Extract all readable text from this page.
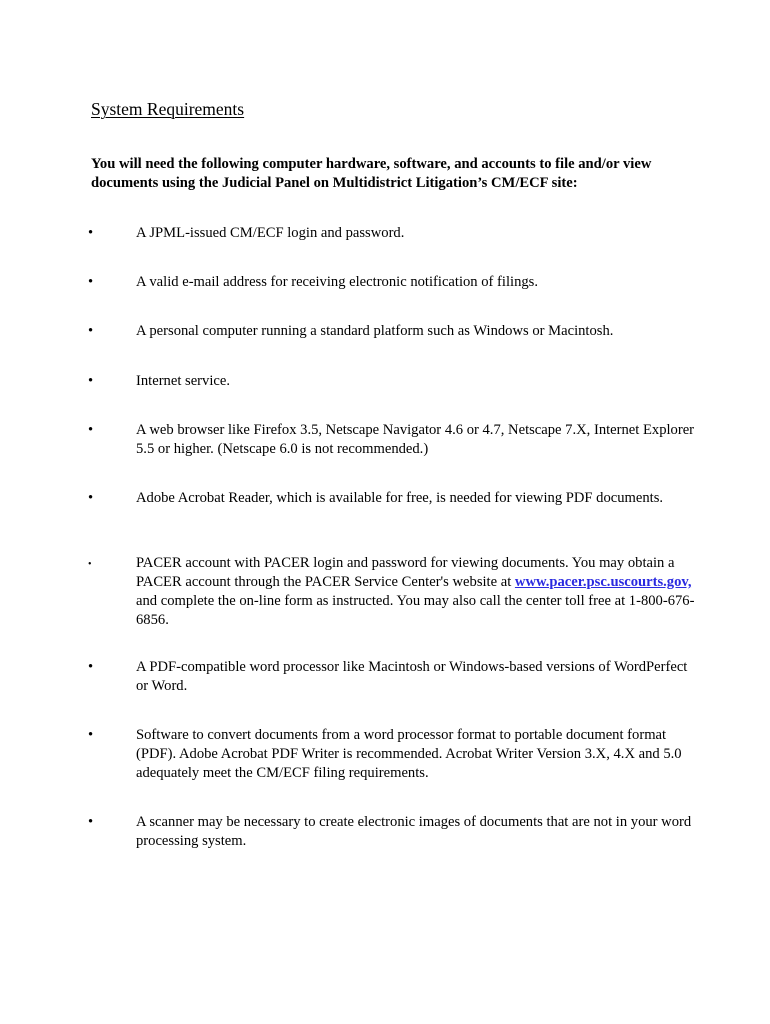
System Requirements
You will need the following computer hardware, software, and accounts to file and/or view documents using the Judicial Panel on Multidistrict Litigation’s CM/ECF site:
•	A JPML-issued CM/ECF login and password.
•	A valid e-mail address for receiving electronic notification of filings.
•	A personal computer running a standard platform such as Windows or Macintosh.
•	Internet service.
•	A web browser like Firefox 3.5, Netscape Navigator 4.6 or 4.7, Netscape 7.X, Internet Explorer 5.5 or higher. (Netscape 6.0 is not recommended.)
•	Adobe Acrobat Reader, which is available for free, is needed for viewing PDF documents.
•	PACER account with PACER login and password for viewing documents. You may obtain a PACER account through the PACER Service Center's website at www.pacer.psc.uscourts.gov, and complete the on-line form as instructed. You may also call the center toll free at 1-800-676-6856.
•	A PDF-compatible word processor like Macintosh or Windows-based versions of WordPerfect or Word.
•	Software to convert documents from a word processor format to portable document format (PDF). Adobe Acrobat PDF Writer is recommended. Acrobat Writer Version 3.X, 4.X and 5.0 adequately meet the CM/ECF filing requirements.
•	A scanner may be necessary to create electronic images of documents that are not in your word processing system.
